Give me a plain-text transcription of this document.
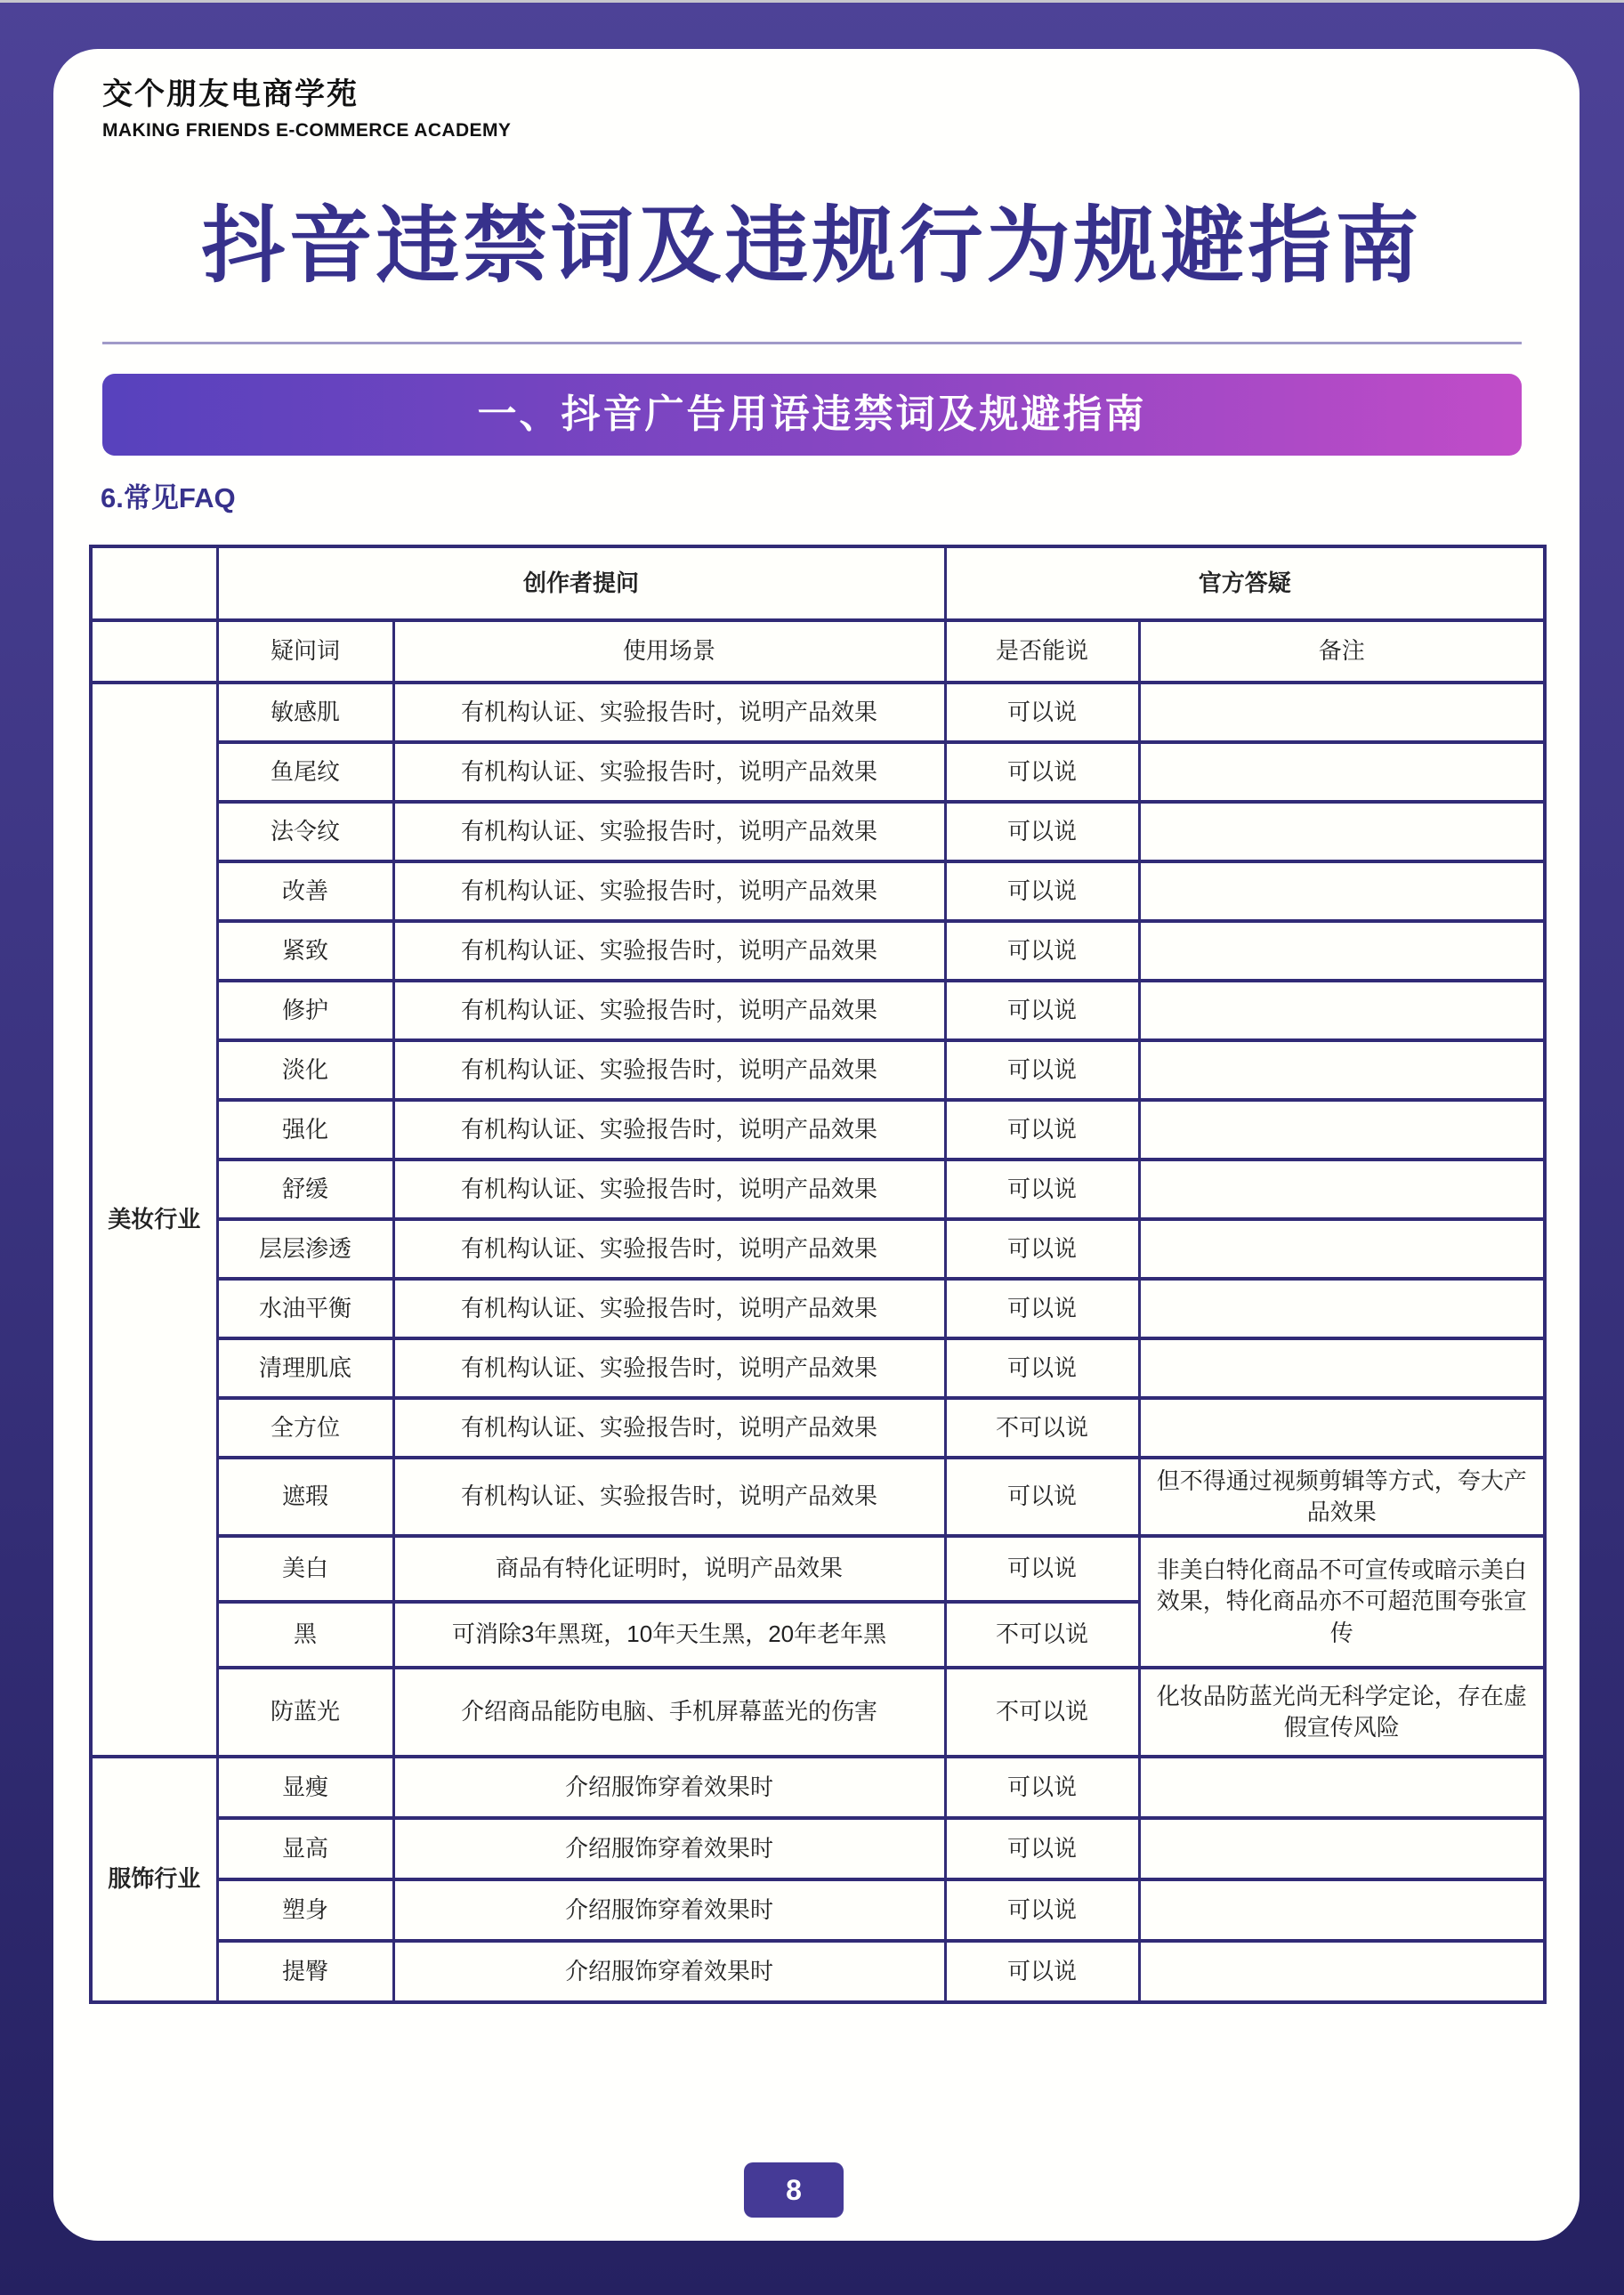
交个朋友电商学苑
MAKING FRIENDS E-COMMERCE ACADEMY
抖音违禁词及违规行为规避指南
一、抖音广告用语违禁词及规避指南
6.常见FAQ
	创作者提问		官方答疑	
	疑问词	使用场景	是否能说	备注
美妆行业	敏感肌	有机构认证、实验报告时，说明产品效果	可以说	
	鱼尾纹	有机构认证、实验报告时，说明产品效果	可以说	
	法令纹	有机构认证、实验报告时，说明产品效果	可以说	
	改善	有机构认证、实验报告时，说明产品效果	可以说	
	紧致	有机构认证、实验报告时，说明产品效果	可以说	
	修护	有机构认证、实验报告时，说明产品效果	可以说	
	淡化	有机构认证、实验报告时，说明产品效果	可以说	
	强化	有机构认证、实验报告时，说明产品效果	可以说	
	舒缓	有机构认证、实验报告时，说明产品效果	可以说	
	层层渗透	有机构认证、实验报告时，说明产品效果	可以说	
	水油平衡	有机构认证、实验报告时，说明产品效果	可以说	
	清理肌底	有机构认证、实验报告时，说明产品效果	可以说	
	全方位	有机构认证、实验报告时，说明产品效果	不可以说	
	遮瑕	有机构认证、实验报告时，说明产品效果	可以说	但不得通过视频剪辑等方式，夸大产品效果
	美白	商品有特化证明时，说明产品效果	可以说	非美白特化商品不可宣传或暗示美白效果，特化商品亦不可超范围夸张宣传
	黑	可消除3年黑斑，10年天生黑，20年老年黑	不可以说	
	防蓝光	介绍商品能防电脑、手机屏幕蓝光的伤害	不可以说	化妆品防蓝光尚无科学定论，存在虚假宣传风险
服饰行业	显瘦	介绍服饰穿着效果时	可以说	
	显高	介绍服饰穿着效果时	可以说	
	塑身	介绍服饰穿着效果时	可以说	
	提臀	介绍服饰穿着效果时	可以说	
8
